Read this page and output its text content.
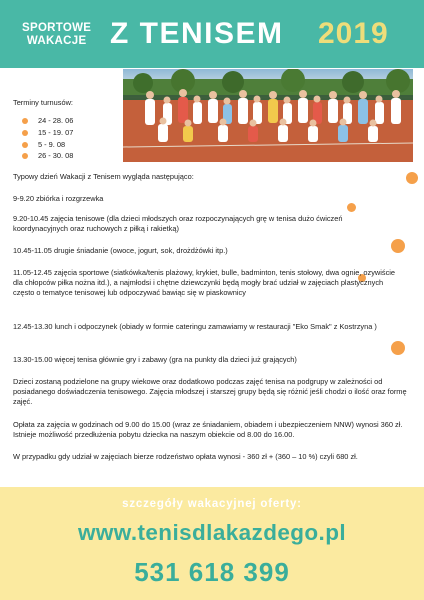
SPORTOWE
WAKACJE Z TENISEM 2019
Terminy turnusów:
24 - 28. 06
15 - 19. 07
5 - 9. 08
26 - 30. 08
Typowy dzień Wakacji z Tenisem wygląda następująco:
9-9.20 zbiórka i rozgrzewka
9.20-10.45 zajęcia tenisowe (dla dzieci młodszych oraz rozpoczynających grę w tenisa dużo ćwiczeń koordynacyjnych oraz ruchowych z piłką i rakietką)
10.45-11.05 drugie śniadanie (owoce, jogurt, sok, drożdżówki itp.)
11.05-12.45 zajęcia sportowe (siatkówka/tenis plażowy, krykiet, bulle, badminton, tenis stołowy, dwa ognie, ozywiście dla chłopców piłka nożna itd.), a najmłodsi i chętne dziewczynki będą mogły brać udział w zajęciach plastycznych często o tematyce tenisowej lub odpoczywać bawiąc się w piaskownicy
12.45-13.30 lunch i odpoczynek (obiady w formie cateringu zamawiamy w restauracji "Eko Smak" z Kostrzyna )
13.30-15.00 więcej tenisa głównie gry i zabawy (gra na punkty dla dzieci już grających)
Dzieci zostaną podzielone na grupy wiekowe oraz dodatkowo podczas zajęć tenisa na podgrupy w zależności od posiadanego doświadczenia tenisowego. Zajęcia młodszej i starszej grupy będą się różnić jeśli chodzi o ilość oraz formę zajęć.
Opłata za zajęcia w godzinach od 9.00 do 15.00 (wraz ze śniadaniem, obiadem i ubezpieczeniem NNW) wynosi 360 zł. Istnieje możliwość przedłużenia pobytu dziecka na naszym obiekcie od 8.00 do 16.00.
W przypadku gdy udział w zajęciach bierze rodzeństwo opłata wynosi - 360 zł + (360 – 10 %) czyli 680 zł.
szczegóły wakacyjnej oferty:
www.tenisdlakazdego.pl
531 618 399
